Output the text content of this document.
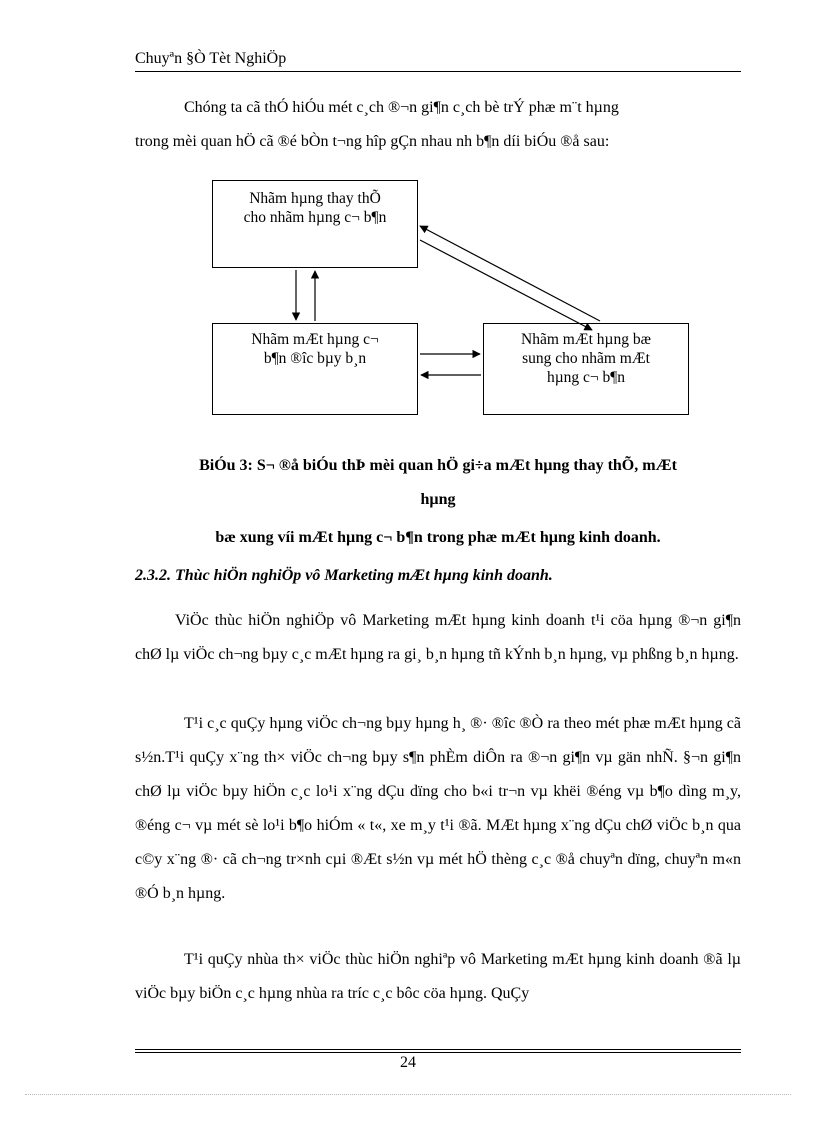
Chuyªn §Ò Tèt NghiÖp

Chóng ta cã thÓ hiÓu mét c¸ch ®¬n gi¶n c¸ch bè trÝ phæ m¨t hµng

trong mèi quan hÖ cã ®é bÒn t¬ng hîp gÇn nhau nh b¶n díi biÓu ®å sau:

Nhãm hµng thay thÕ
cho nhãm hµng c¬ b¶n
Nhãm mÆt hµng c¬
b¶n ®îc bµy b¸n
Nhãm mÆt hµng bæ
sung cho nhãm mÆt
hµng c¬ b¶n

BiÓu 3: S¬ ®å biÓu thÞ mèi quan hÖ gi÷a mÆt hµng thay thÕ, mÆt

hµng

bæ xung víi mÆt hµng c¬ b¶n trong phæ mÆt hµng kinh doanh.

2.3.2. Thùc hiÖn nghiÖp vô Marketing mÆt hµng kinh doanh.

ViÖc thùc hiÖn nghiÖp vô Marketing mÆt hµng kinh doanh t¹i cöa hµng ®¬n gi¶n chØ lµ viÖc ch¬ng bµy c¸c mÆt hµng ra gi¸ b¸n hµng tñ kÝnh b¸n hµng, vµ phßng b¸n hµng.

T¹i c¸c quÇy hµng viÖc ch¬ng bµy hµng h¸ ®· ®îc ®Ò ra theo mét phæ mÆt hµng cã s½n.T¹i quÇy x¨ng th× viÖc ch¬ng bµy s¶n phÈm diÔn ra ®¬n gi¶n vµ gän nhÑ. §¬n gi¶n chØ lµ viÖc bµy hiÖn c¸c lo¹i x¨ng dÇu dïng cho b«i tr¬n vµ khëi ®éng vµ b¶o dìng m¸y, ®éng c¬ vµ mét sè lo¹i b¶o hiÓm « t«, xe m¸y t¹i ®ã. MÆt hµng x¨ng dÇu chØ viÖc b¸n qua c©y x¨ng ®· cã ch¬ng tr×nh cµi ®Æt s½n vµ mét hÖ thèng c¸c ®å chuyªn dïng, chuyªn m«n ®Ó b¸n hµng.

T¹i quÇy nhùa th× viÖc thùc hiÖn nghiªp vô Marketing mÆt hµng kinh doanh ®ã lµ viÖc bµy biÖn c¸c hµng nhùa ra tríc c¸c bôc cöa hµng. QuÇy

24
